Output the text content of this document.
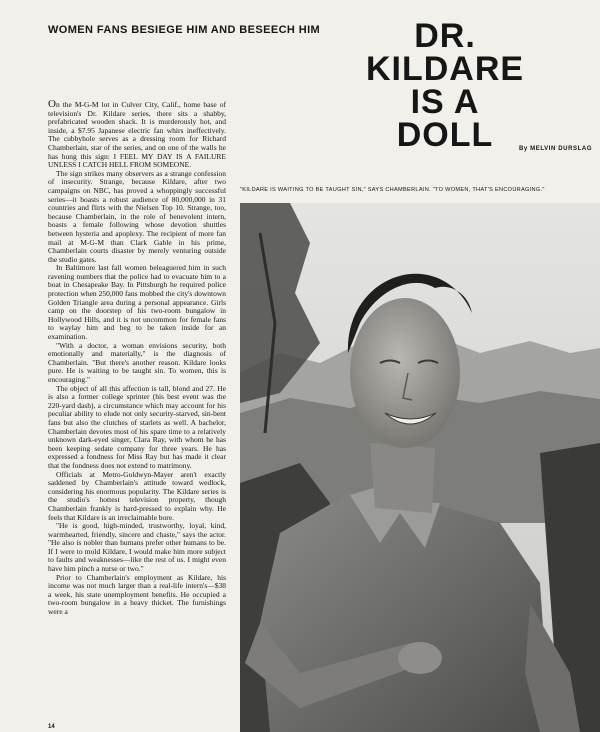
WOMEN FANS BESIEGE HIM AND BESEECH HIM	DR.
KILDARE
IS A
DOLL	By MELVIN DURSLAG
"KILDARE IS WAITING TO BE TAUGHT SIN," SAYS CHAMBERLAIN. "TO WOMEN, THAT'S ENCOURAGING."

On the M-G-M lot in Culver City, Calif., home base of television's Dr. Kildare series, there sits a shabby, prefabricated wooden shack. It is murderously hot, and inside, a $7.95 Japanese electric fan whirs ineffectively. The cubbyhole serves as a dressing room for Richard Chamberlain, star of the series, and on one of the walls he has hung this sign: I FEEL MY DAY IS A FAILURE UNLESS I CATCH HELL FROM SOMEONE.

The sign strikes many observers as a strange confession of insecurity. Strange, because Kildare, after two campaigns on NBC, has proved a whoppingly successful series—it boasts a robust audience of 80,000,000 in 31 countries and flirts with the Nielsen Top 10. Strange, too, because Chamberlain, in the role of benevolent intern, boasts a female following whose devotion shuttles between hysteria and apoplexy. The recipient of more fan mail at M-G-M than Clark Gable in his prime, Chamberlain courts disaster by merely venturing outside the studio gates.

In Baltimore last fall women beleaguered him in such ravening numbers that the police had to evacuate him to a boat in Chesapeake Bay. In Pittsburgh he required police protection when 250,000 fans mobbed the city's downtown Golden Triangle area during a personal appearance. Girls camp on the doorstep of his two-room bungalow in Hollywood Hills, and it is not uncommon for female fans to waylay him and beg to be taken inside for an examination.

"With a doctor, a woman envisions security, both emotionally and materially," is the diagnosis of Chamberlain. "But there's another reason. Kildare looks pure. He is waiting to be taught sin. To women, this is encouraging."

The object of all this affection is tall, blond and 27. He is also a former college sprinter (his best event was the 220-yard dash), a circumstance which may account for his peculiar ability to elude not only security-starved, sin-bent fans but also the clutches of starlets as well. A bachelor, Chamberlain devotes most of his spare time to a relatively unknown dark-eyed singer, Clara Ray, with whom he has been keeping sedate company for three years. He has expressed a fondness for Miss Ray but has made it clear that the fondness does not extend to matrimony.

Officials at Metro-Goldwyn-Mayer aren't exactly saddened by Chamberlain's attitude toward wedlock, considering his enormous popularity. The Kildare series is the studio's hottest television property, though Chamberlain frankly is hard-pressed to explain why. He feels that Kildare is an irreclaimable bore.

"He is good, high-minded, trustworthy, loyal, kind, warmhearted, friendly, sincere and chaste," says the actor. "He also is nobler than humans prefer other humans to be. If I were to mold Kildare, I would make him more subject to faults and weaknesses—like the rest of us. I might even have him pinch a nurse or two."

Prior to Chamberlain's employment as Kildare, his income was not much larger than a real-life intern's—$38 a week, his state unemployment benefits. He occupied a two-room bungalow in a heavy thicket. The furnishings were a

14
